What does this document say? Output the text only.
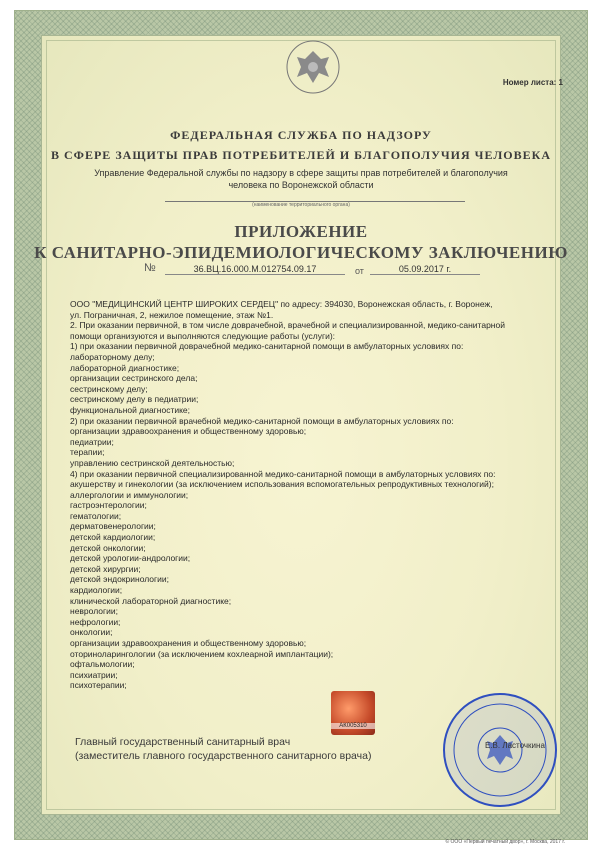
Номер листа: 1
ФЕДЕРАЛЬНАЯ СЛУЖБА ПО НАДЗОРУ
В СФЕРЕ ЗАЩИТЫ ПРАВ ПОТРЕБИТЕЛЕЙ И БЛАГОПОЛУЧИЯ ЧЕЛОВЕКА
Управление Федеральной службы по надзору в сфере защиты прав потребителей и благополучия
человека по Воронежской области
(наименование территориального органа)
ПРИЛОЖЕНИЕ
К САНИТАРНО-ЭПИДЕМИОЛОГИЧЕСКОМУ ЗАКЛЮЧЕНИЮ
№	36.ВЦ.16.000.М.012754.09.17	от	05.09.2017 г.
ООО "МЕДИЦИНСКИЙ ЦЕНТР ШИРОКИХ СЕРДЕЦ" по адресу: 394030, Воронежская область, г. Воронеж,
ул. Пограничная, 2, нежилое помещение, этаж №1.
2. При оказании первичной, в том числе доврачебной, врачебной и специализированной, медико-санитарной
помощи организуются и выполняются следующие работы (услуги):
1) при оказании первичной доврачебной медико-санитарной помощи в амбулаторных условиях по:
лабораторному делу;
лабораторной диагностике;
организации сестринского дела;
сестринскому делу;
сестринскому делу в педиатрии;
функциональной диагностике;
2) при оказании первичной врачебной медико-санитарной помощи в амбулаторных условиях по:
организации здравоохранения и общественному здоровью;
педиатрии;
терапии;
управлению сестринской деятельностью;
4) при оказании первичной специализированной медико-санитарной помощи в амбулаторных условиях по:
акушерству и гинекологии (за исключением использования вспомогательных репродуктивных технологий);
аллергологии и иммунологии;
гастроэнтерологии;
гематологии;
дерматовенерологии;
детской кардиологии;
детской онкологии;
детской урологии-андрологии;
детской хирургии;
детской эндокринологии;
кардиологии;
клинической лабораторной диагностике;
неврологии;
нефрологии;
онкологии;
организации здравоохранения и общественному здоровью;
оториноларингологии (за исключением кохлеарной имплантации);
офтальмологии;
психиатрии;
психотерапии;
АК005310
Главный государственный санитарный врач
(заместитель главного государственного санитарного врача)
Е.В. Ласточкина
© ООО «Первый печатный двор», г. Москва, 2017 г.
